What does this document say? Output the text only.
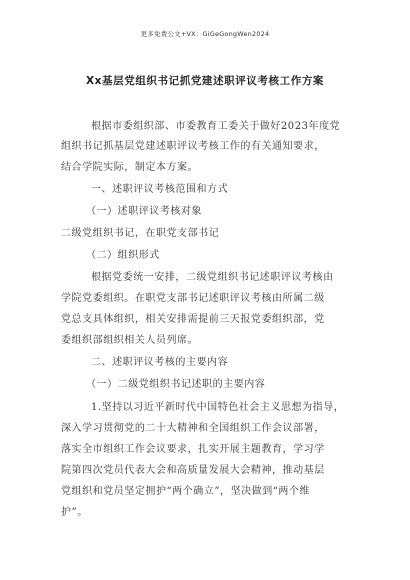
更多免费公文+VX：GiGeGongWen2024
Xx基层党组织书记抓党建述职评议考核工作方案
根据市委组织部、市委教育工委关于做好2023年度党
组织书记抓基层党建述职评议考核工作的有关通知要求，
结合学院实际，制定本方案。
一、述职评议考核范围和方式
（一）述职评议考核对象
二级党组织书记，在职党支部书记
（二）组织形式
根据党委统一安排，二级党组织书记述职评议考核由
学院党委组织。在职党支部书记述职评议考核由所属二级
党总支具体组织，相关安排需提前三天报党委组织部，党
委组织部组织相关人员列席。
二、述职评议考核的主要内容
（一）二级党组织书记述职的主要内容
1.坚持以习近平新时代中国特色社会主义思想为指导，
深入学习贯彻党的二十大精神和全国组织工作会议部署，
落实全市组织工作会议要求，扎实开展主题教育，学习学
院第四次党员代表大会和高质量发展大会精神，推动基层
党组织和党员坚定拥护“两个确立”，坚决做到“两个维
护”。
